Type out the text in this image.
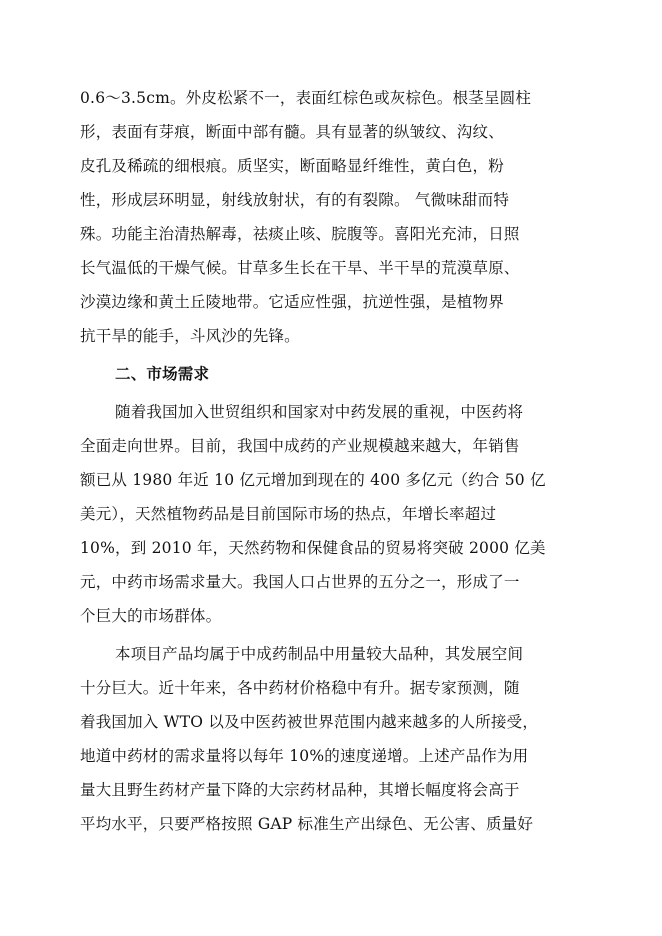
0.6～3.5cm。外皮松紧不一，表面红棕色或灰棕色。根茎呈圆柱
形，表面有芽痕，断面中部有髓。具有显著的纵皱纹、沟纹、
皮孔及稀疏的细根痕。质坚实，断面略显纤维性，黄白色，粉
性，形成层环明显，射线放射状，有的有裂隙。 气微味甜而特
殊。功能主治清热解毒，祛痰止咳、脘腹等。喜阳光充沛，日照
长气温低的干燥气候。甘草多生长在干旱、半干旱的荒漠草原、
沙漠边缘和黄土丘陵地带。它适应性强，抗逆性强，是植物界
抗干旱的能手，斗风沙的先锋。
二、市场需求
随着我国加入世贸组织和国家对中药发展的重视，中医药将
全面走向世界。目前，我国中成药的产业规模越来越大，年销售
额已从 1980 年近 10 亿元增加到现在的 400 多亿元（约合 50 亿
美元），天然植物药品是目前国际市场的热点，年增长率超过
10%，到 2010 年，天然药物和保健食品的贸易将突破 2000 亿美
元，中药市场需求量大。我国人口占世界的五分之一，形成了一
个巨大的市场群体。
本项目产品均属于中成药制品中用量较大品种，其发展空间
十分巨大。近十年来，各中药材价格稳中有升。据专家预测，随
着我国加入 WTO 以及中医药被世界范围内越来越多的人所接受，
地道中药材的需求量将以每年 10%的速度递增。上述产品作为用
量大且野生药材产量下降的大宗药材品种，其增长幅度将会高于
平均水平，只要严格按照 GAP 标准生产出绿色、无公害、质量好
